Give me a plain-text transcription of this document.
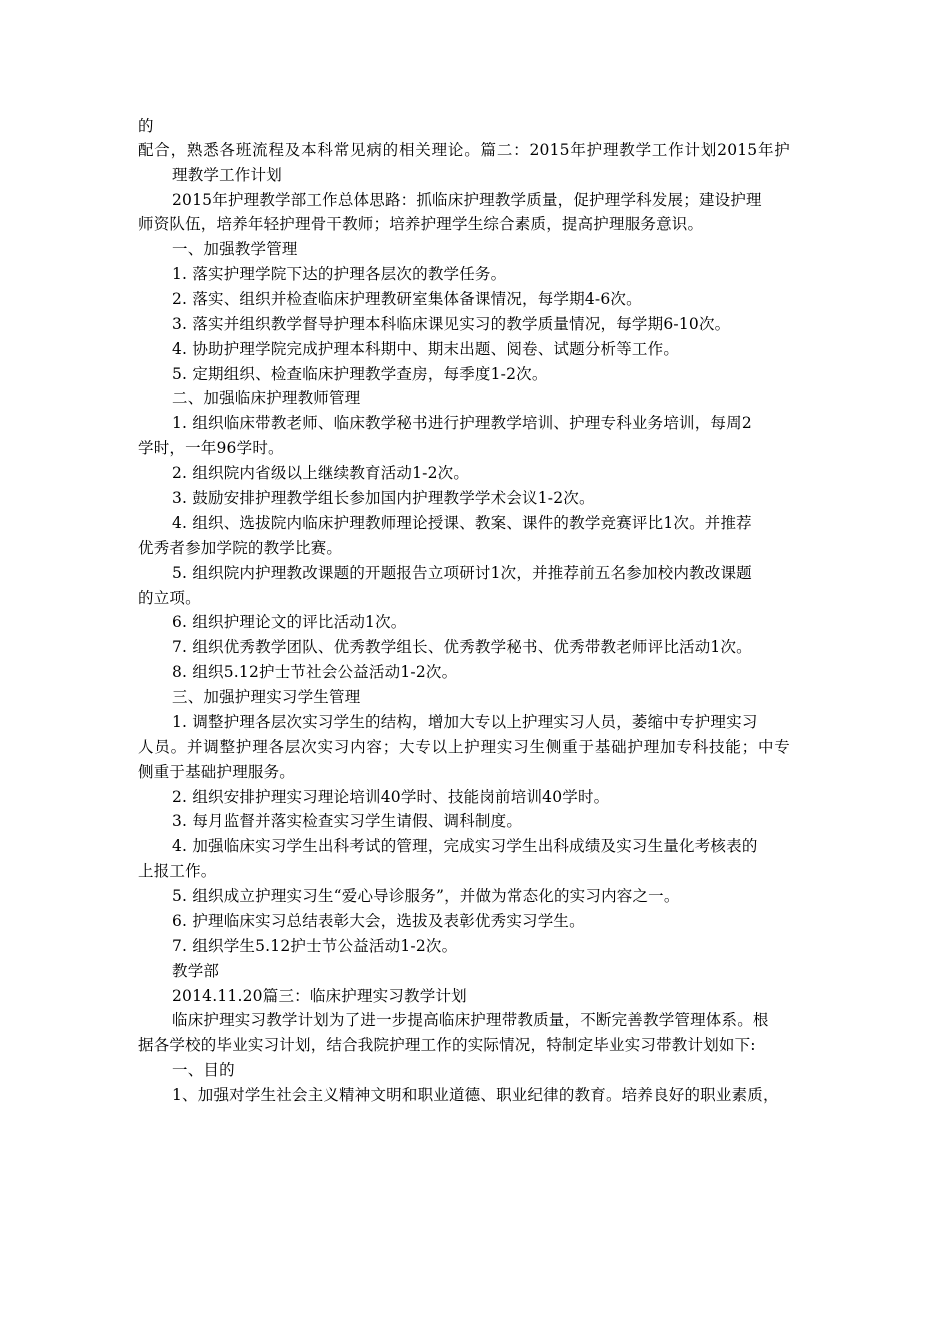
的
配合，熟悉各班流程及本科常见病的相关理论。篇二：2015年护理教学工作计划2015年护
理教学工作计划
2015年护理教学部工作总体思路：抓临床护理教学质量，促护理学科发展；建设护理
师资队伍，培养年轻护理骨干教师；培养护理学生综合素质，提高护理服务意识。
一、加强教学管理
1. 落实护理学院下达的护理各层次的教学任务。
2. 落实、组织并检查临床护理教研室集体备课情况，每学期4-6次。
3. 落实并组织教学督导护理本科临床课见实习的教学质量情况，每学期6-10次。
4. 协助护理学院完成护理本科期中、期末出题、阅卷、试题分析等工作。
5. 定期组织、检查临床护理教学查房，每季度1-2次。
二、加强临床护理教师管理
1. 组织临床带教老师、临床教学秘书进行护理教学培训、护理专科业务培训，每周2
学时，一年96学时。
2. 组织院内省级以上继续教育活动1-2次。
3. 鼓励安排护理教学组长参加国内护理教学学术会议1-2次。
4. 组织、选拔院内临床护理教师理论授课、教案、课件的教学竞赛评比1次。并推荐
优秀者参加学院的教学比赛。
5. 组织院内护理教改课题的开题报告立项研讨1次，并推荐前五名参加校内教改课题
的立项。
6. 组织护理论文的评比活动1次。
7. 组织优秀教学团队、优秀教学组长、优秀教学秘书、优秀带教老师评比活动1次。
8. 组织5.12护士节社会公益活动1-2次。
三、加强护理实习学生管理
1. 调整护理各层次实习学生的结构，增加大专以上护理实习人员，萎缩中专护理实习
人员。并调整护理各层次实习内容；大专以上护理实习生侧重于基础护理加专科技能；中专
侧重于基础护理服务。
2. 组织安排护理实习理论培训40学时、技能岗前培训40学时。
3. 每月监督并落实检查实习学生请假、调科制度。
4. 加强临床实习学生出科考试的管理，完成实习学生出科成绩及实习生量化考核表的
上报工作。
5. 组织成立护理实习生“爱心导诊服务”，并做为常态化的实习内容之一。
6. 护理临床实习总结表彰大会，选拔及表彰优秀实习学生。
7. 组织学生5.12护士节公益活动1-2次。
教学部
2014.11.20篇三：临床护理实习教学计划
临床护理实习教学计划为了进一步提高临床护理带教质量，不断完善教学管理体系。根
据各学校的毕业实习计划，结合我院护理工作的实际情况，特制定毕业实习带教计划如下:
一、目的
1、加强对学生社会主义精神文明和职业道德、职业纪律的教育。培养良好的职业素质，
